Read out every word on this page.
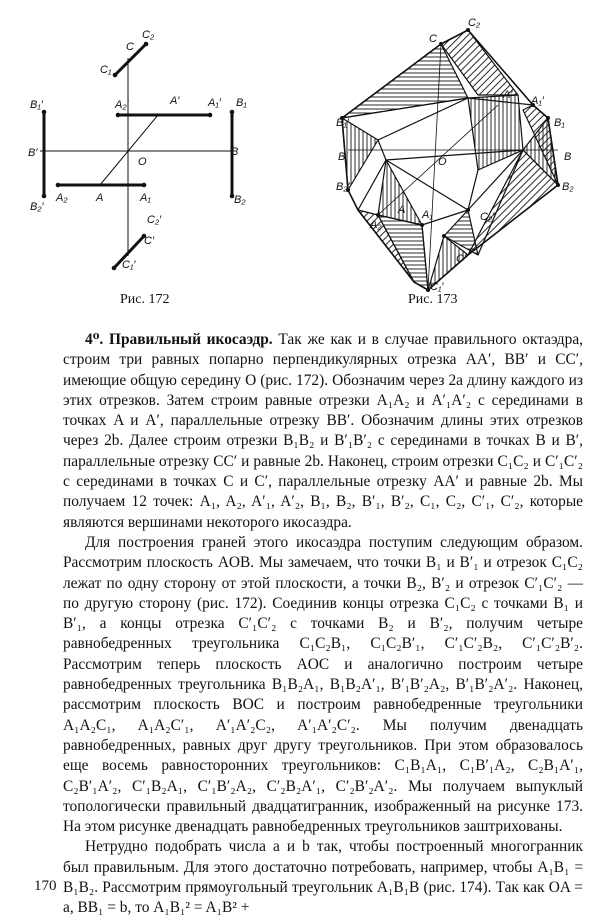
C₂
C
C₁
B₁′	A₂′	A′	A₁′ B₁
B′
O
B
B₂′
A₂	A	A₁	B₂
C₂′
C′
C₁′
Рис. 172
C
C₂
B₁′
A′ A₁′
B₁
B′	O	B
B₂′
A
A₂
A₁	C₂′
B₂
C′
C₁′
Рис. 173

4⁰. Правильный икосаэдр. Так же как и в случае правильного октаэдра, строим три равных попарно перпендикулярных отрезка AA′, BB′ и CC′, имеющие общую середину O (рис. 172). Обозначим через 2a длину каждого из этих отрезков. Затем строим равные отрезки A₁A₂ и A′₁A′₂ с серединами в точках A и A′, параллельные отрезку BB′. Обозначим длины этих отрезков через 2b. Далее строим отрезки B₁B₂ и B′₁B′₂ с серединами в точках B и B′, параллельные отрезку CC′ и равные 2b. Наконец, строим отрезки C₁C₂ и C′₁C′₂ с серединами в точках C и C′, параллельные отрезку AA′ и равные 2b. Мы получаем 12 точек: A₁, A₂, A′₁, A′₂, B₁, B₂, B′₁, B′₂, C₁, C₂, C′₁, C′₂, которые являются вершинами некоторого икосаэдра.

Для построения граней этого икосаэдра поступим следующим образом. Рассмотрим плоскость AOB. Мы замечаем, что точки B₁ и B′₁ и отрезок C₁C₂ лежат по одну сторону от этой плоскости, а точки B₂, B′₂ и отрезок C′₁C′₂ — по другую сторону (рис. 172). Соединив концы отрезка C₁C₂ с точками B₁ и B′₁, а концы отрезка C′₁C′₂ с точками B₂ и B′₂, получим четыре равнобедренных треугольника C₁C₂B₁, C₁C₂B′₁, C′₁C′₂B₂, C′₁C′₂B′₂. Рассмотрим теперь плоскость AOC и аналогично построим четыре равнобедренных треугольника B₁B₂A₁, B₁B₂A′₁, B′₁B′₂A₂, B′₁B′₂A′₂. Наконец, рассмотрим плоскость BOC и построим равнобедренные треугольники A₁A₂C₁, A₁A₂C′₁, A′₁A′₂C₂, A′₁A′₂C′₂. Мы получим двенадцать равнобедренных, равных друг другу треугольников. При этом образовалось еще восемь равносторонних треугольников: C₁B₁A₁, C₁B′₁A₂, C₂B₁A′₁, C₂B′₁A′₂, C′₁B₂A₁, C′₁B′₂A₂, C′₂B₂A′₁, C′₂B′₂A′₂. Мы получаем выпуклый топологически правильный двадцатигранник, изображенный на рисунке 173. На этом рисунке двенадцать равнобедренных треугольников заштрихованы.

Нетрудно подобрать числа a и b так, чтобы построенный многогранник был правильным. Для этого достаточно потребовать, например, чтобы A₁B₁ = B₁B₂. Рассмотрим прямоугольный треугольник A₁B₁B (рис. 174). Так как OA = a, BB₁ = b, то A₁B₁² = A₁B² +

170
